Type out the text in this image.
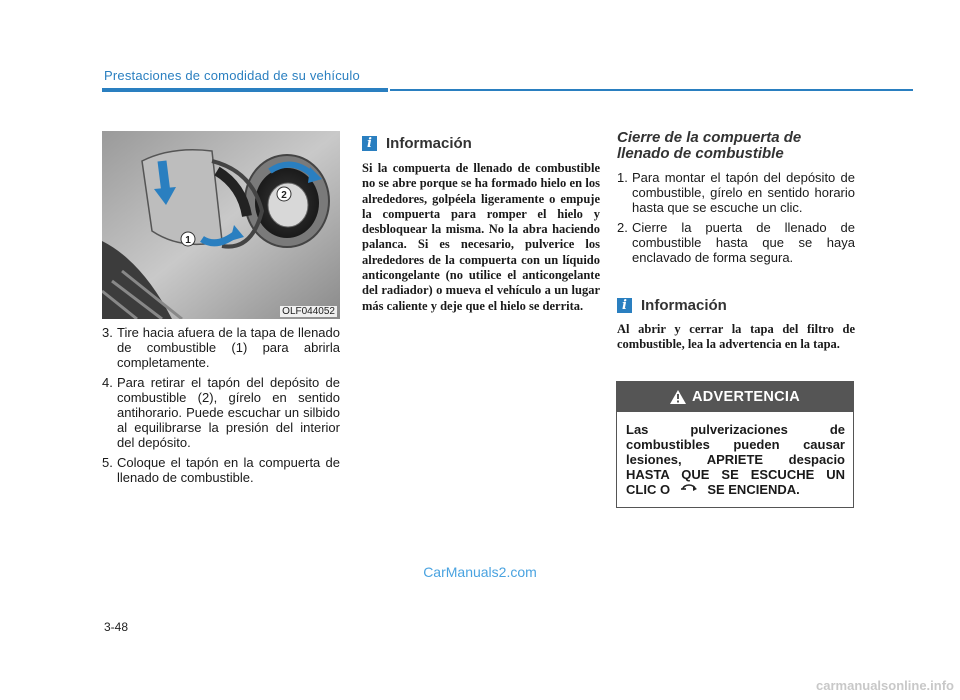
Prestaciones de comodidad de su vehículo
1
2
OLF044052
3. Tire hacia afuera de la tapa de llenado de combustible (1) para abrirla completamente.
4. Para retirar el tapón del depósito de combustible (2), gírelo en sentido antihorario. Puede escuchar un silbido al equilibrarse la presión del interior del depósito.
5. Coloque el tapón en la compuerta de llenado de combustible.
i Información
Si la compuerta de llenado de combustible no se abre porque se ha formado hielo en los alrededores, golpéela ligeramente o empuje la compuerta para romper el hielo y desbloquear la misma. No la abra haciendo palanca. Si es necesario, pulverice los alrededores de la compuerta con un líquido anticongelante (no utilice el anticongelante del radiador) o mueva el vehículo a un lugar más caliente y deje que el hielo se derrita.
Cierre de la compuerta de llenado de combustible
1. Para montar el tapón del depósito de combustible, gírelo en sentido horario hasta que se escuche un clic.
2. Cierre la puerta de llenado de combustible hasta que se haya enclavado de forma segura.
i Información
Al abrir y cerrar la tapa del filtro de combustible, lea la advertencia en la tapa.
ADVERTENCIA
Las pulverizaciones de combustibles pueden causar lesiones, APRIETE despacio HASTA QUE SE ESCUCHE UN CLIC O	SE ENCIENDA.
CarManuals2.com
3-48
carmanualsonline.info
